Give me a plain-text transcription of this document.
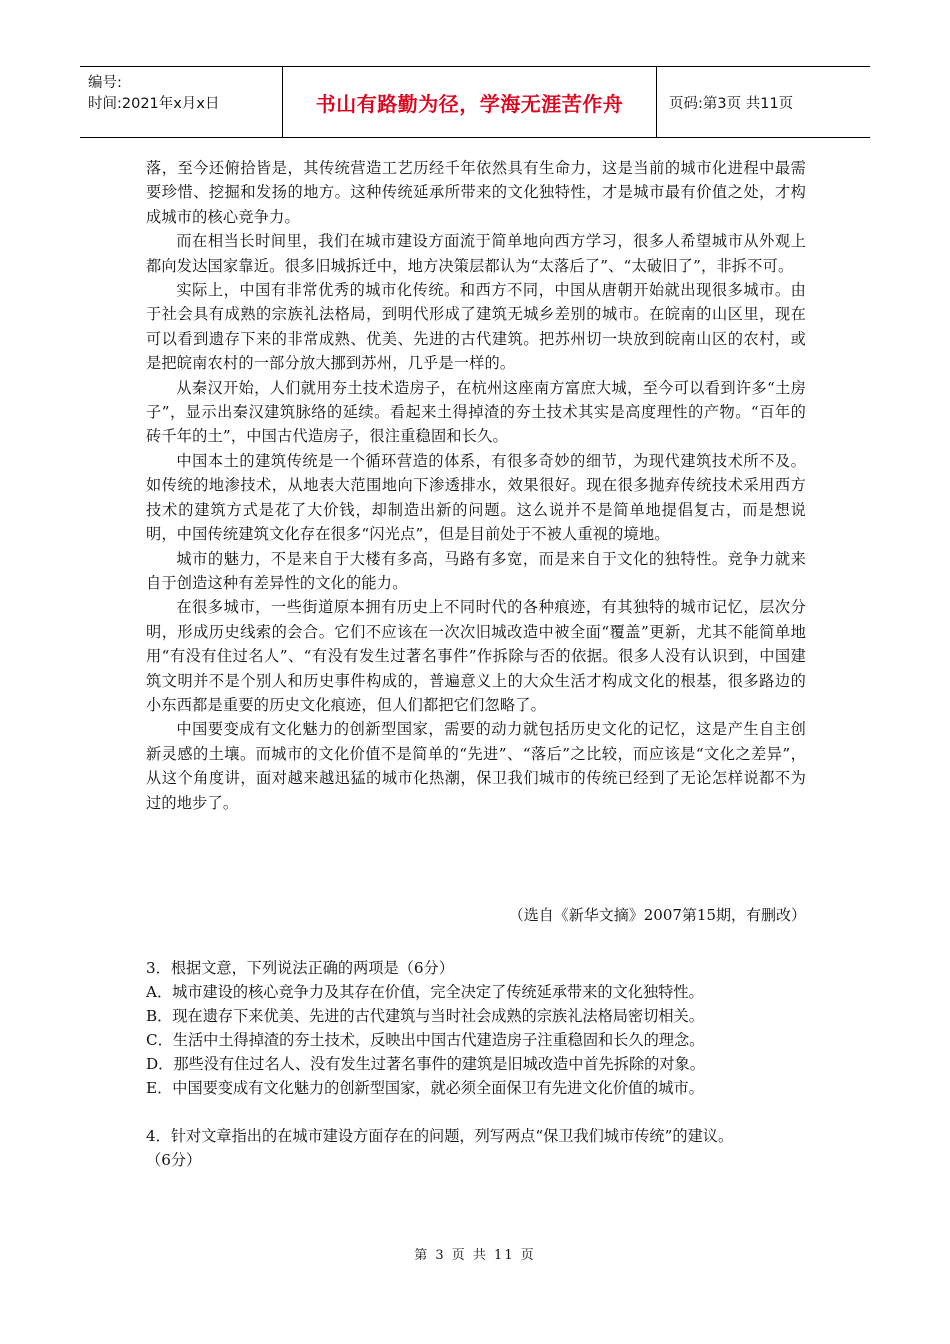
编号:
时间:2021年x月x日	书山有路勤为径，学海无涯苦作舟	页码:第3页 共11页

落，至今还俯拾皆是，其传统营造工艺历经千年依然具有生命力，这是当前的城市化进程中最需要珍惜、挖掘和发扬的地方。这种传统延承所带来的文化独特性，才是城市最有价值之处，才构成城市的核心竞争力。

而在相当长时间里，我们在城市建设方面流于简单地向西方学习，很多人希望城市从外观上都向发达国家靠近。很多旧城拆迁中，地方决策层都认为“太落后了”、“太破旧了”，非拆不可。

实际上，中国有非常优秀的城市化传统。和西方不同，中国从唐朝开始就出现很多城市。由于社会具有成熟的宗族礼法格局，到明代形成了建筑无城乡差别的城市。在皖南的山区里，现在可以看到遗存下来的非常成熟、优美、先进的古代建筑。把苏州切一块放到皖南山区的农村，或是把皖南农村的一部分放大挪到苏州，几乎是一样的。

从秦汉开始，人们就用夯土技术造房子，在杭州这座南方富庶大城，至今可以看到许多“土房子”，显示出秦汉建筑脉络的延续。看起来土得掉渣的夯土技术其实是高度理性的产物。“百年的砖千年的土”，中国古代造房子，很注重稳固和长久。

中国本土的建筑传统是一个循环营造的体系，有很多奇妙的细节，为现代建筑技术所不及。如传统的地渗技术，从地表大范围地向下渗透排水，效果很好。现在很多抛弃传统技术采用西方技术的建筑方式是花了大价钱，却制造出新的问题。这么说并不是简单地提倡复古，而是想说明，中国传统建筑文化存在很多“闪光点”，但是目前处于不被人重视的境地。

城市的魅力，不是来自于大楼有多高，马路有多宽，而是来自于文化的独特性。竞争力就来自于创造这种有差异性的文化的能力。

在很多城市，一些街道原本拥有历史上不同时代的各种痕迹，有其独特的城市记忆，层次分明，形成历史线索的会合。它们不应该在一次次旧城改造中被全面“覆盖”更新，尤其不能简单地用“有没有住过名人”、“有没有发生过著名事件”作拆除与否的依据。很多人没有认识到，中国建筑文明并不是个别人和历史事件构成的，普遍意义上的大众生活才构成文化的根基，很多路边的小东西都是重要的历史文化痕迹，但人们都把它们忽略了。

中国要变成有文化魅力的创新型国家，需要的动力就包括历史文化的记忆，这是产生自主创新灵感的土壤。而城市的文化价值不是简单的“先进”、“落后”之比较，而应该是“文化之差异”，从这个角度讲，面对越来越迅猛的城市化热潮，保卫我们城市的传统已经到了无论怎样说都不为过的地步了。

（选自《新华文摘》2007第15期，有删改）

3．根据文意，下列说法正确的两项是（6分）

A．城市建设的核心竞争力及其存在价值，完全决定了传统延承带来的文化独特性。

B．现在遗存下来优美、先进的古代建筑与当时社会成熟的宗族礼法格局密切相关。

C．生活中土得掉渣的夯土技术，反映出中国古代建造房子注重稳固和长久的理念。

D．那些没有住过名人、没有发生过著名事件的建筑是旧城改造中首先拆除的对象。

E．中国要变成有文化魅力的创新型国家，就必须全面保卫有先进文化价值的城市。

4．针对文章指出的在城市建设方面存在的问题，列写两点“保卫我们城市传统”的建议。

（6分）

第 3 页 共 11 页
